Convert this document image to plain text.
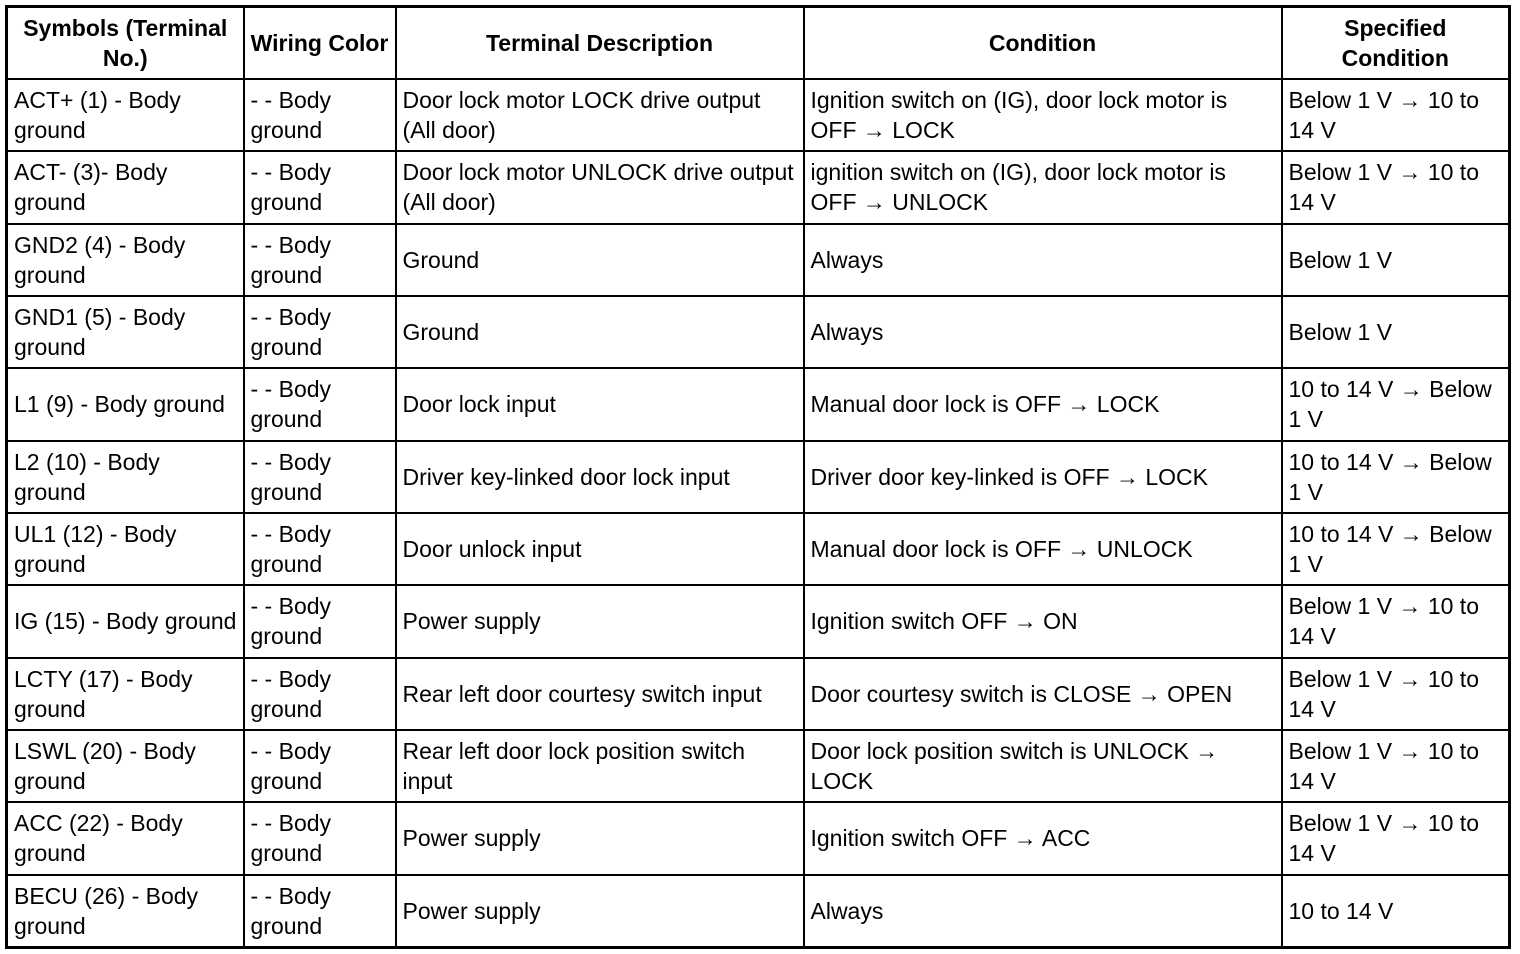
Symbols (Terminal No.)	Wiring Color	Terminal Description	Condition	Specified Condition
ACT+ (1) - Body ground	- - Body ground	Door lock motor LOCK drive output (All door)	Ignition switch on (IG), door lock motor is OFF → LOCK	Below 1 V → 10 to 14 V
ACT- (3)- Body ground	- - Body ground	Door lock motor UNLOCK drive output (All door)	ignition switch on (IG), door lock motor is OFF → UNLOCK	Below 1 V → 10 to 14 V
GND2 (4) - Body ground	- - Body ground	Ground	Always	Below 1 V
GND1 (5) - Body ground	- - Body ground	Ground	Always	Below 1 V
L1 (9) - Body ground	- - Body ground	Door lock input	Manual door lock is OFF → LOCK	10 to 14 V → Below 1 V
L2 (10) - Body ground	- - Body ground	Driver key-linked door lock input	Driver door key-linked is OFF → LOCK	10 to 14 V → Below 1 V
UL1 (12) - Body ground	- - Body ground	Door unlock input	Manual door lock is OFF → UNLOCK	10 to 14 V → Below 1 V
IG (15) - Body ground	- - Body ground	Power supply	Ignition switch OFF → ON	Below 1 V → 10 to 14 V
LCTY (17) - Body ground	- - Body ground	Rear left door courtesy switch input	Door courtesy switch is CLOSE → OPEN	Below 1 V → 10 to 14 V
LSWL (20) - Body ground	- - Body ground	Rear left door lock position switch input	Door lock position switch is UNLOCK → LOCK	Below 1 V → 10 to 14 V
ACC (22) - Body ground	- - Body ground	Power supply	Ignition switch OFF → ACC	Below 1 V → 10 to 14 V
BECU (26) - Body ground	- - Body ground	Power supply	Always	10 to 14 V
